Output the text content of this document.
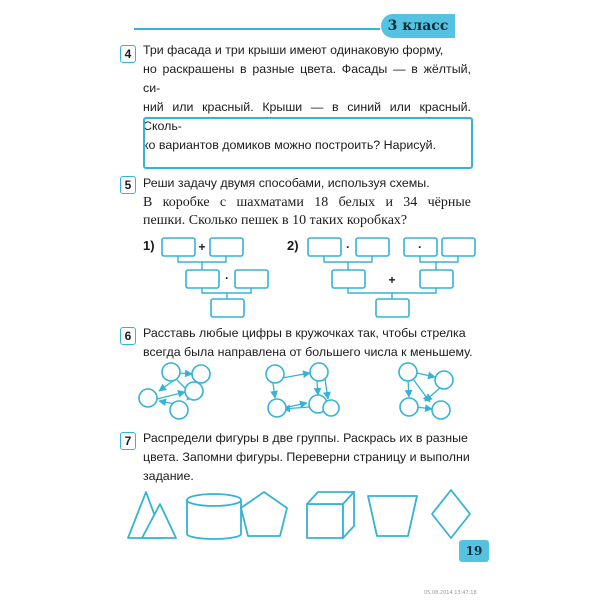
3 класс
4 Три фасада и три крыши имеют одинаковую форму,
но раскрашены в разные цвета. Фасады — в жёлтый, си-
ний или красный. Крыши — в синий или красный. Сколь-
ко вариантов домиков можно построить? Нарисуй.
5 Реши задачу двумя способами, используя схемы.
В коробке с шахматами 18 белых и 34 чёрные
пешки. Сколько пешек в 10 таких коробках?
1)	2)
+
·
·	·
+
6 Расставь любые цифры в кружочках так, чтобы стрелка
всегда была направлена от большего числа к меньшему.
7 Распредели фигуры в две группы. Раскрась их в разные
цвета. Запомни фигуры. Переверни страницу и выполни
задание.
19
05.08.2014 13:47:18
